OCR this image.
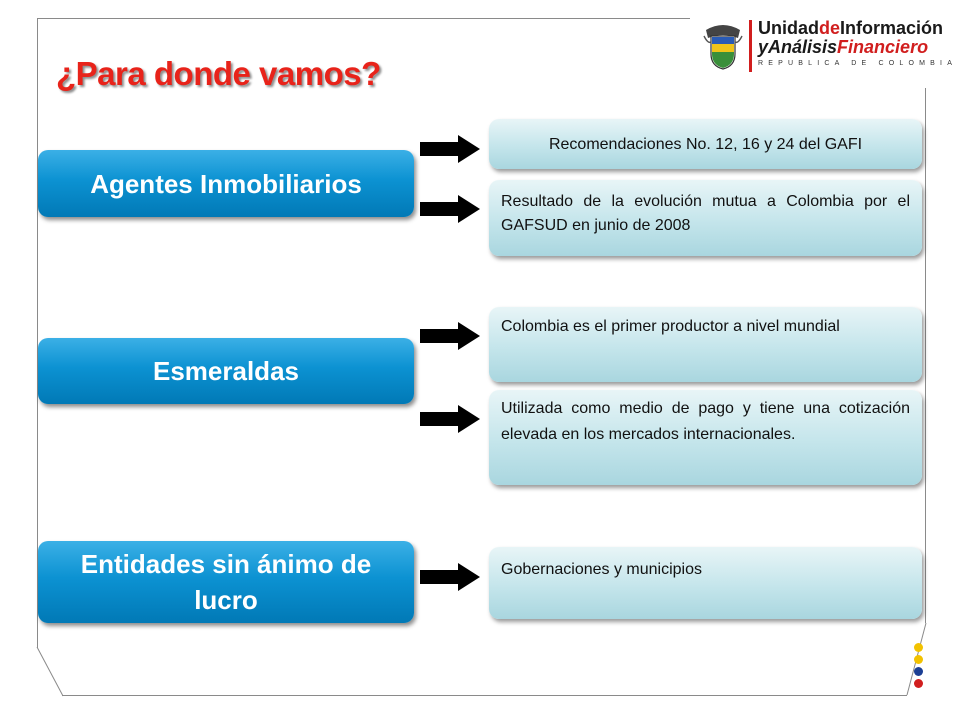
¿Para donde vamos?
UnidaddeInformación
yAnálisisFinanciero
REPUBLICA DE COLOMBIA
Agentes Inmobiliarios
Esmeraldas
Entidades sin ánimo de lucro
Recomendaciones No. 12, 16 y 24 del GAFI
Resultado de la evolución mutua a Colombia por el GAFSUD en junio de 2008
Colombia es el primer productor a nivel mundial
Utilizada como medio de pago y tiene una cotización elevada en los mercados internacionales.
Gobernaciones y municipios
